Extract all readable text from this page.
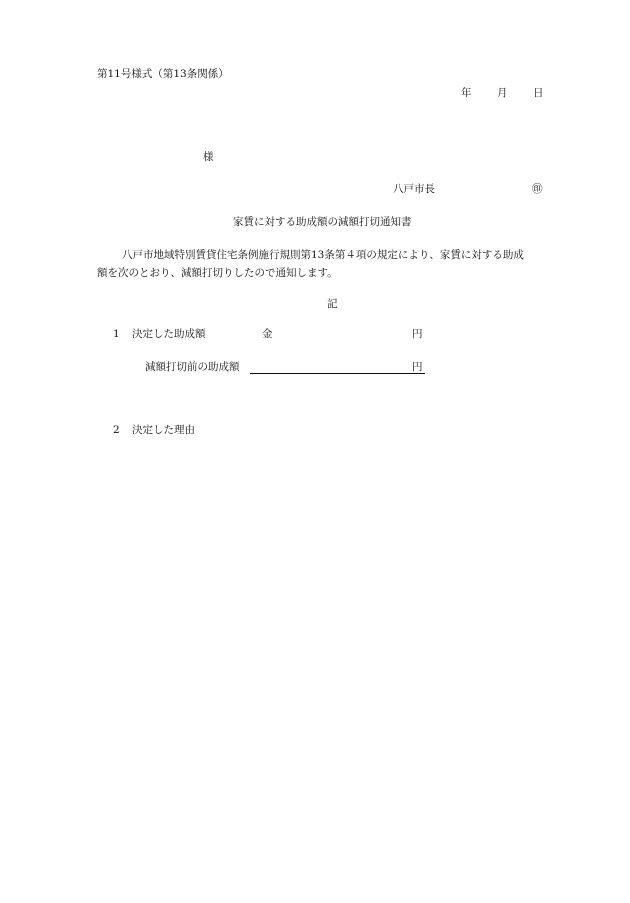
第11号様式（第13条関係）
年 月 日
様
八戸市長	㊞
家賃に対する助成額の減額打切通知書
八戸市地域特別賃貸住宅条例施行規則第13条第４項の規定により、家賃に対する助成
額を次のとおり、減額打切りしたので通知します。
記
1 決定した助成額	金	円
減額打切前の助成額	円
2 決定した理由
